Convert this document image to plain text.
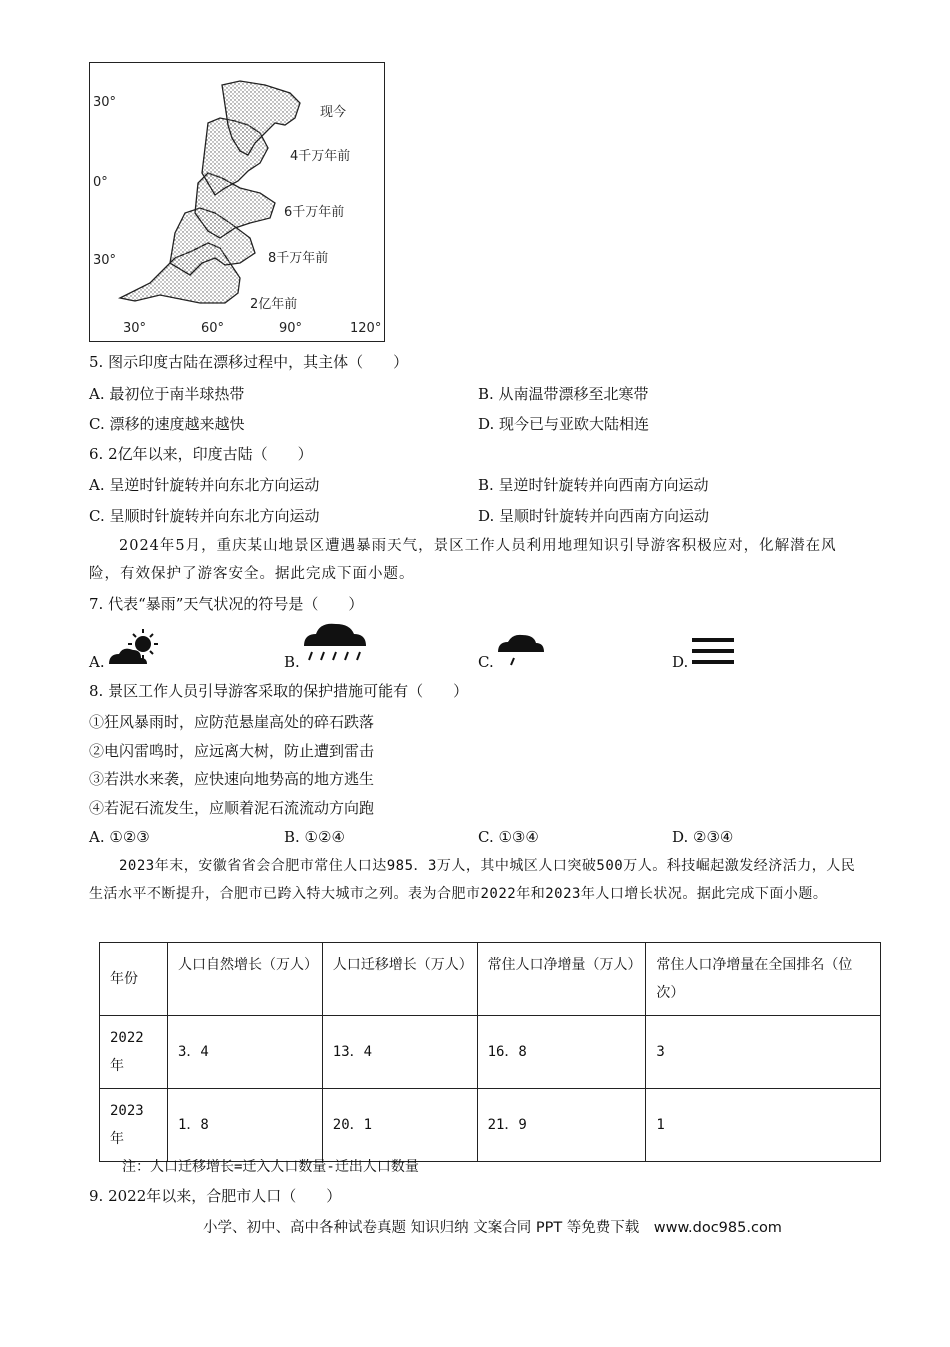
30°
0°
30°
30°	60°	90°	120°
现今
4千万年前
6千万年前
8千万年前
2亿年前
5. 图示印度古陆在漂移过程中，其主体（　　）
A. 最初位于南半球热带	B. 从南温带漂移至北寒带
C. 漂移的速度越来越快	D. 现今已与亚欧大陆相连
6. 2亿年以来，印度古陆（　　）
A. 呈逆时针旋转并向东北方向运动	B. 呈逆时针旋转并向西南方向运动
C. 呈顺时针旋转并向东北方向运动	D. 呈顺时针旋转并向西南方向运动
2024年5月，重庆某山地景区遭遇暴雨天气，景区工作人员利用地理知识引导游客积极应对，化解潜在风险，有效保护了游客安全。据此完成下面小题。
7. 代表“暴雨”天气状况的符号是（　　）
A.	B.	C.	D.
8. 景区工作人员引导游客采取的保护措施可能有（　　）
①狂风暴雨时，应防范悬崖高处的碎石跌落
②电闪雷鸣时，应远离大树，防止遭到雷击
③若洪水来袭，应快速向地势高的地方逃生
④若泥石流发生，应顺着泥石流流动方向跑
A. ①②③	B. ①②④	C. ①③④	D. ②③④
2023年末，安徽省省会合肥市常住人口达985．3万人，其中城区人口突破500万人。科技崛起激发经济活力，人民生活水平不断提升，合肥市已跨入特大城市之列。表为合肥市2022年和2023年人口增长状况。据此完成下面小题。
年份	人口自然增长（万人）	人口迁移增长（万人）	常住人口净增量（万人）	常住人口净增量在全国排名（位次）
2022年	3．4	13．4	16．8	3
2023年	1．8	20．1	21．9	1
注：人口迁移增长=迁入人口数量-迁出人口数量
9. 2022年以来，合肥市人口（　　）
小学、初中、高中各种试卷真题 知识归纳 文案合同 PPT 等免费下载　www.doc985.com
